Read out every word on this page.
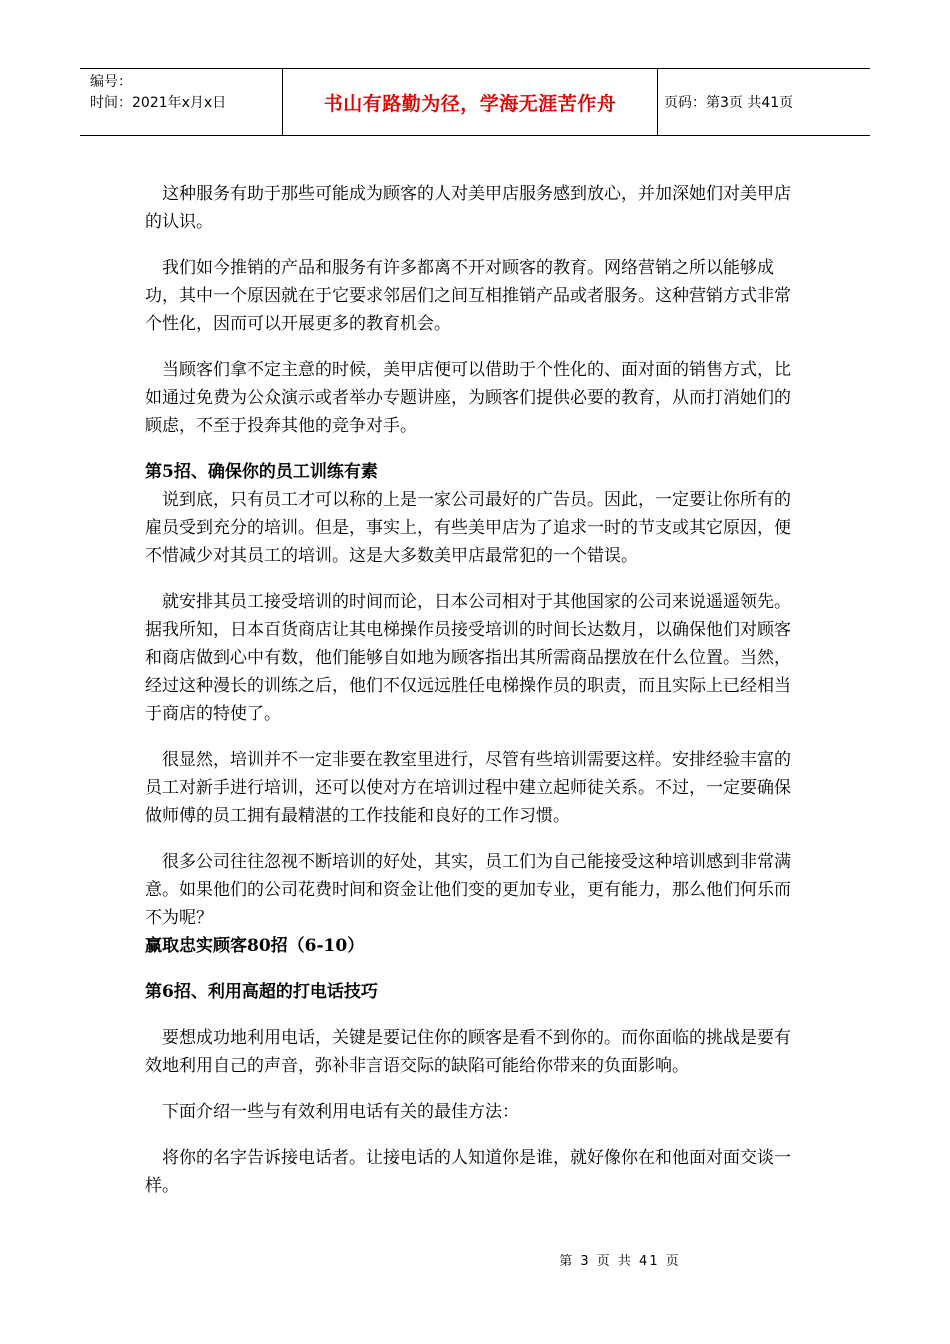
编号：
时间：2021年x月x日	书山有路勤为径，学海无涯苦作舟	页码：第3页 共41页

这种服务有助于那些可能成为顾客的人对美甲店服务感到放心，并加深她们对美甲店的认识。

我们如今推销的产品和服务有许多都离不开对顾客的教育。网络营销之所以能够成功，其中一个原因就在于它要求邻居们之间互相推销产品或者服务。这种营销方式非常个性化，因而可以开展更多的教育机会。

当顾客们拿不定主意的时候，美甲店便可以借助于个性化的、面对面的销售方式，比如通过免费为公众演示或者举办专题讲座，为顾客们提供必要的教育，从而打消她们的顾虑，不至于投奔其他的竞争对手。

第5招、确保你的员工训练有素

说到底，只有员工才可以称的上是一家公司最好的广告员。因此，一定要让你所有的雇员受到充分的培训。但是，事实上，有些美甲店为了追求一时的节支或其它原因，便不惜减少对其员工的培训。这是大多数美甲店最常犯的一个错误。

就安排其员工接受培训的时间而论，日本公司相对于其他国家的公司来说遥遥领先。据我所知，日本百货商店让其电梯操作员接受培训的时间长达数月，以确保他们对顾客和商店做到心中有数，他们能够自如地为顾客指出其所需商品摆放在什么位置。当然，经过这种漫长的训练之后，他们不仅远远胜任电梯操作员的职责，而且实际上已经相当于商店的特使了。

很显然，培训并不一定非要在教室里进行，尽管有些培训需要这样。安排经验丰富的员工对新手进行培训，还可以使对方在培训过程中建立起师徒关系。不过，一定要确保做师傅的员工拥有最精湛的工作技能和良好的工作习惯。

很多公司往往忽视不断培训的好处，其实，员工们为自己能接受这种培训感到非常满意。如果他们的公司花费时间和资金让他们变的更加专业，更有能力，那么他们何乐而不为呢？

赢取忠实顾客80招（6-10）

第6招、利用高超的打电话技巧

要想成功地利用电话，关键是要记住你的顾客是看不到你的。而你面临的挑战是要有效地利用自己的声音，弥补非言语交际的缺陷可能给你带来的负面影响。

下面介绍一些与有效利用电话有关的最佳方法：

将你的名字告诉接电话者。让接电话的人知道你是谁，就好像你在和他面对面交谈一样。

第 3 页 共 41 页
